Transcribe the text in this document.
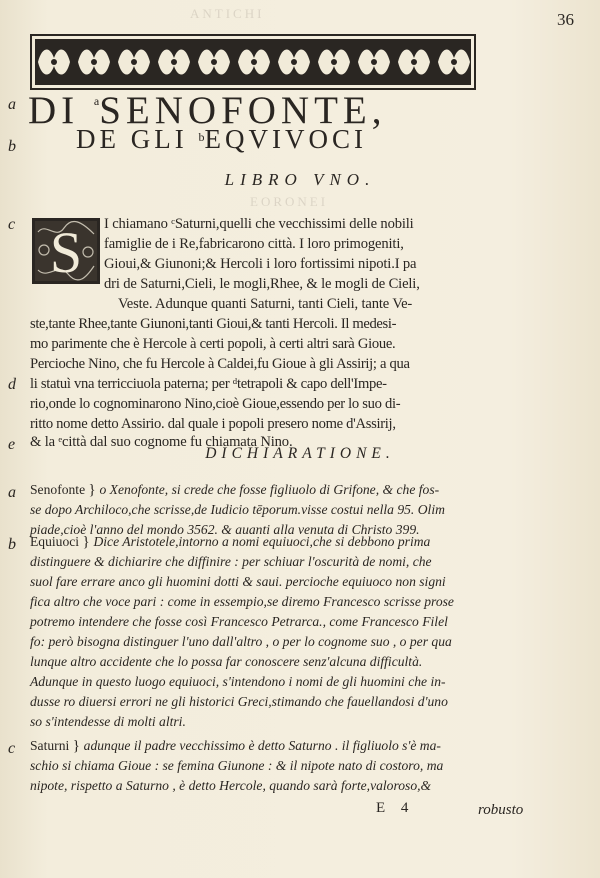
36
ANTICHI
a DI $^a$SENOFONTE,
b DE GLI $^b$EQVIVOCI
LIBRO VNO.
EORONEI
S
c	I chiamano ᶜSaturni,quelli che vecchissimi delle nobili
famiglie de i Re,fabricarono città. I loro primogeniti,
Gioui,& Giunoni;& Hercoli i loro fortissimi nipoti.I pa
dri de Saturni,Cieli, le mogli,Rhee, & le mogli de Cieli,
Veste. Adunque quanti Saturni, tanti Cieli, tante Ve-
ste,tante Rhee,tante Giunoni,tanti Gioui,& tanti Hercoli. Il medesi-
mo parimente che è Hercole à certi popoli, à certi altri sarà Gioue.
Percioche Nino, che fu Hercole à Caldei,fu Gioue à gli Assirij; a qua
d li statuì vna terricciuola paterna; per ᵈtetrapoli & capo dell'Impe-
rio,onde lo cognominarono Nino,cioè Gioue,essendo per lo suo di-
ritto nome detto Assirio. dal quale i popoli presero nome d'Assirij,
e & la ᵉcittà dal suo cognome fu chiamata Nino.
DICHIARATIONE.
a Senofonte } o Xenofonte, si crede che fosse figliuolo di Grifone, & che fos-
se dopo Archiloco,che scrisse,de Iudicio tēporum.visse costui nella 95. Olim
piade,cioè l'anno del mondo 3562. & auanti alla venuta di Christo 399.
b Equiuoci } Dice Aristotele,intorno a nomi equiuoci,che si debbono prima
distinguere & dichiarire che diffinire : per schiuar l'oscurità de nomi, che
suol fare errare anco gli huomini dotti & saui. percioche equiuoco non signi
fica altro che voce pari : come in essempio,se diremo Francesco scrisse prose
potremo intendere che fosse così Francesco Petrarca., come Francesco Filel
fo: però bisogna distinguer l'uno dall'altro , o per lo cognome suo , o per qua
lunque altro accidente che lo possa far conoscere senz'alcuna difficultà.
Adunque in questo luogo equiuoci, s'intendono i nomi de gli huomini che in-
dusse ro diuersi errori ne gli historici Greci,stimando che fauellandosi d'uno
so s'intendesse di molti altri.
c Saturni } adunque il padre vecchissimo è detto Saturno . il figliuolo s'è ma-
schio si chiama Gioue : se femina Giunone : & il nipote nato di costoro, ma
nipote, rispetto a Saturno , è detto Hercole, quando sarà forte,valoroso,&
E 4	robusto
